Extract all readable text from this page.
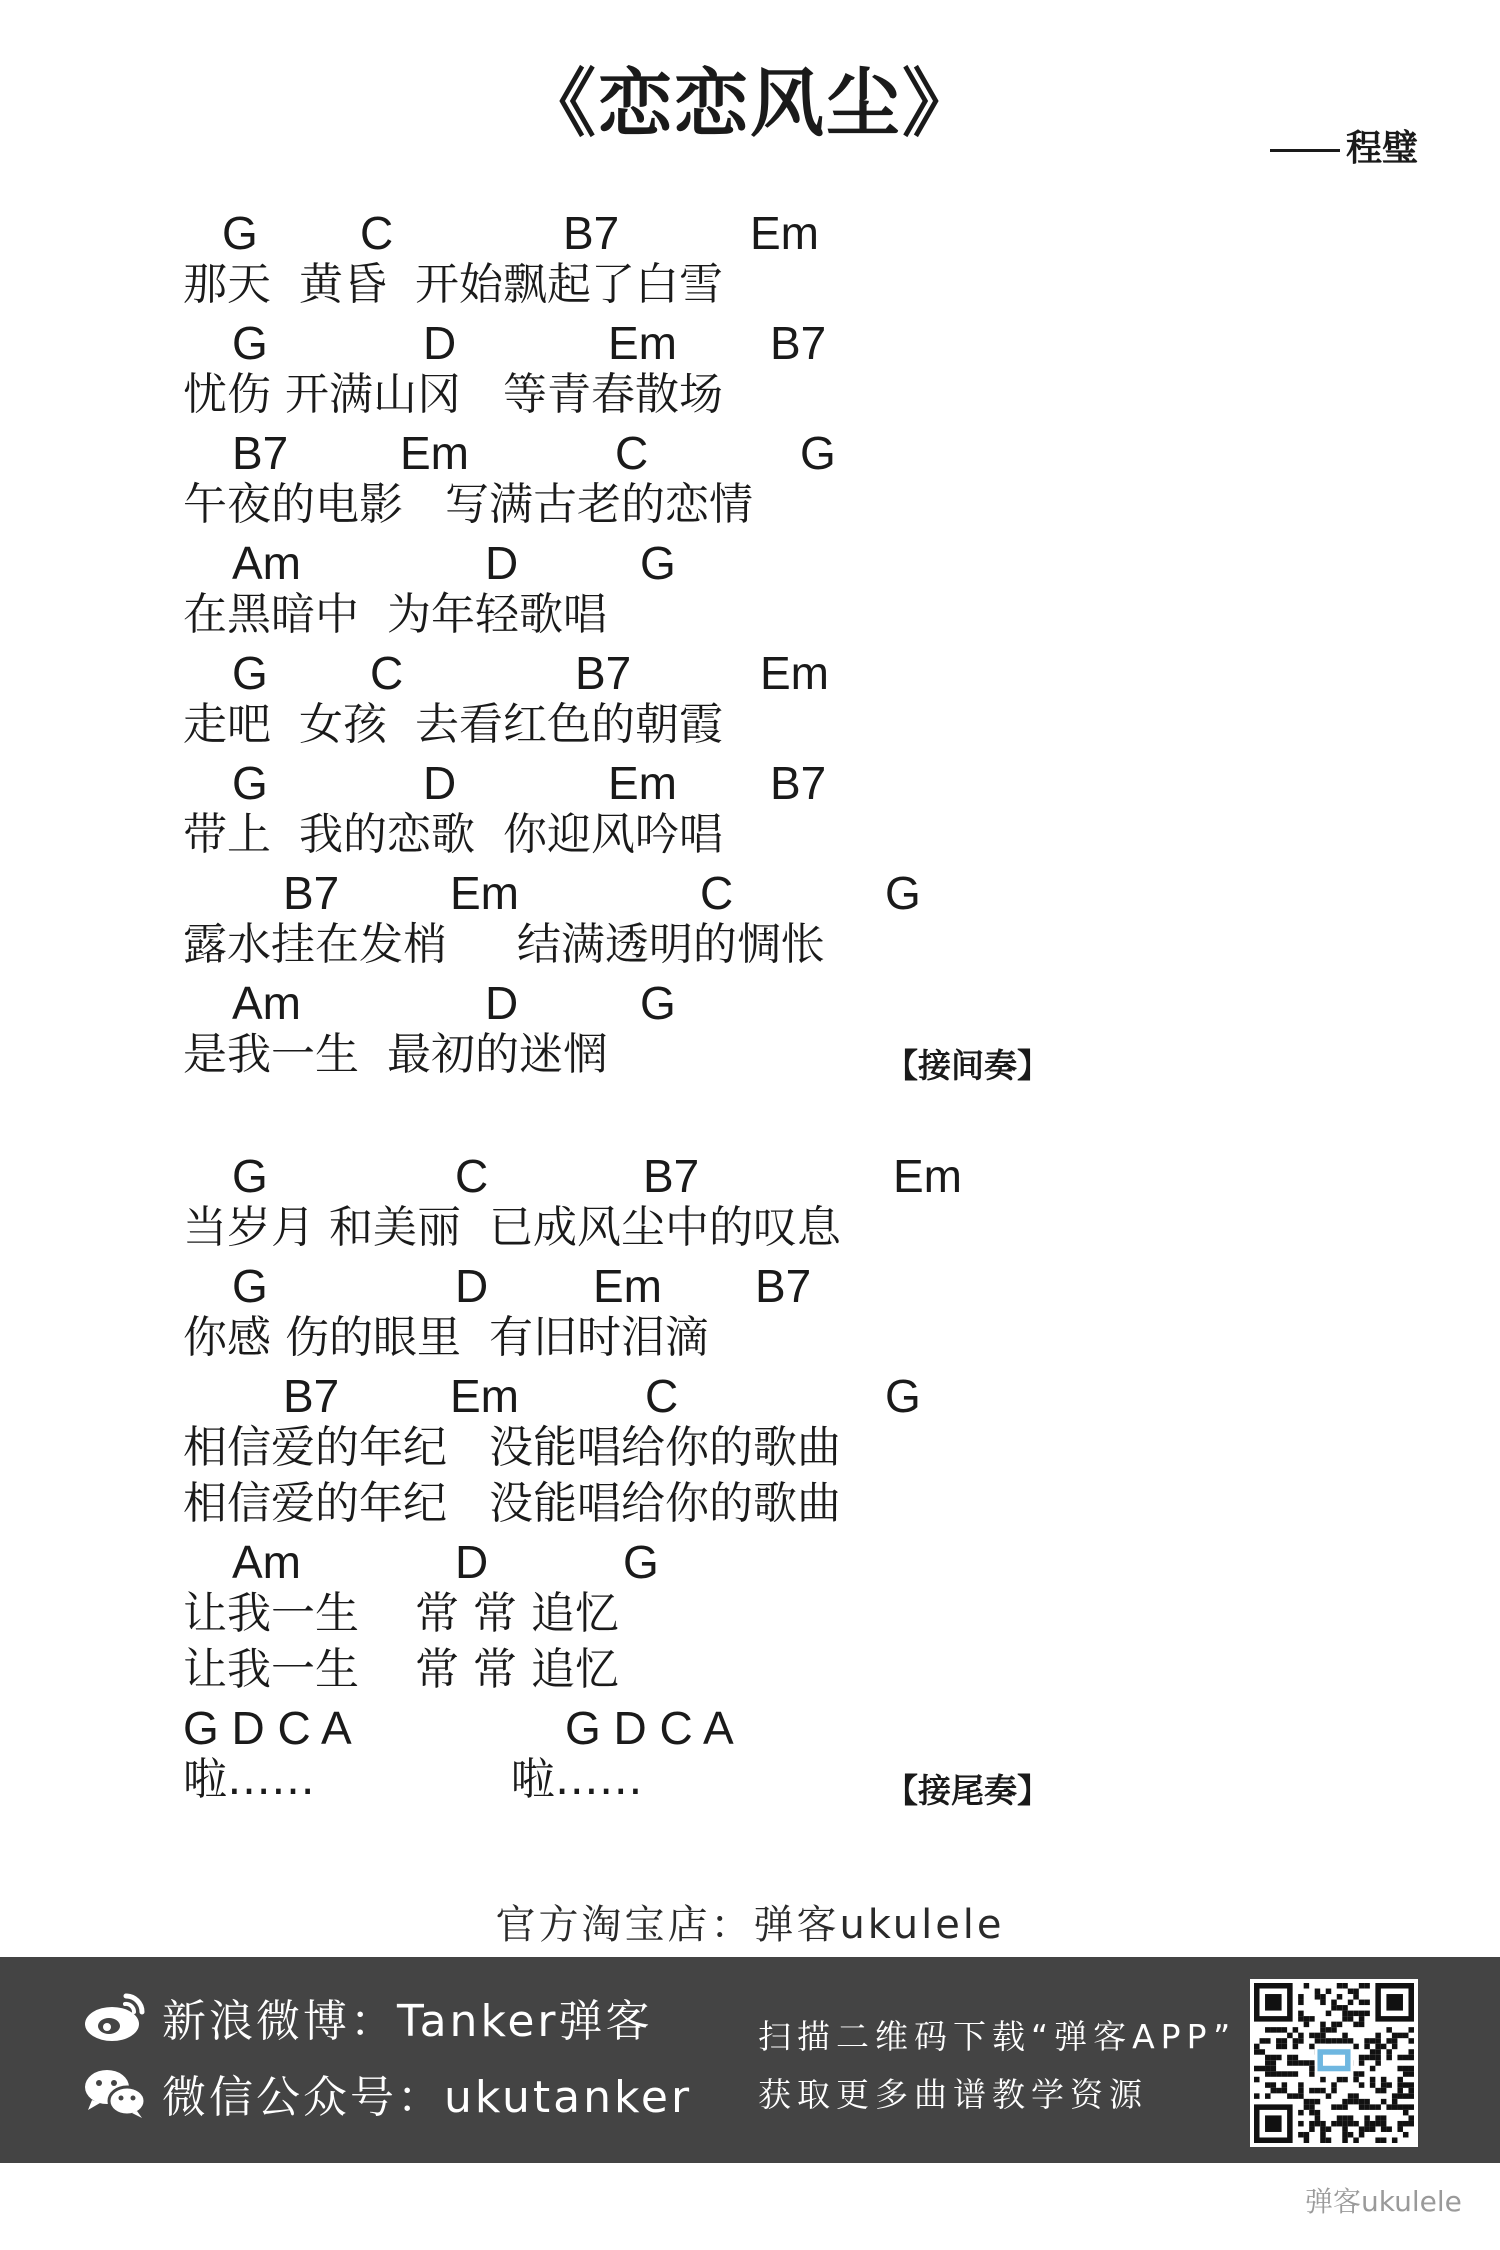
《恋恋风尘》
程璧
G C	B7	Em
那天  黄昏  开始飘起了白雪
G	D	Em B7
忧伤 开满山冈   等青春散场
B7 Em	C	G
午夜的电影   写满古老的恋情
Am	D	G
在黑暗中  为年轻歌唱
G C	B7	Em
走吧  女孩  去看红色的朝霞
G	D	Em B7
带上  我的恋歌  你迎风吟唱
B7 Em	C	G
露水挂在发梢     结满透明的惆怅
Am	D	G
是我一生  最初的迷惘	【接间奏】
G	C	B7	Em
当岁月 和美丽  已成风尘中的叹息
G	D Em B7
你感 伤的眼里  有旧时泪滴
B7 Em	C	G
相信爱的年纪   没能唱给你的歌曲
相信爱的年纪   没能唱给你的歌曲
Am	D	G
让我一生    常 常 追忆
让我一生    常 常 追忆
G D C A	G D C A
啦……              啦……	【接尾奏】
官方淘宝店：弹客ukulele
新浪微博：Tanker弹客
微信公众号：ukutanker
扫描二维码下载“弹客APP”
获取更多曲谱教学资源
弹客ukulele
